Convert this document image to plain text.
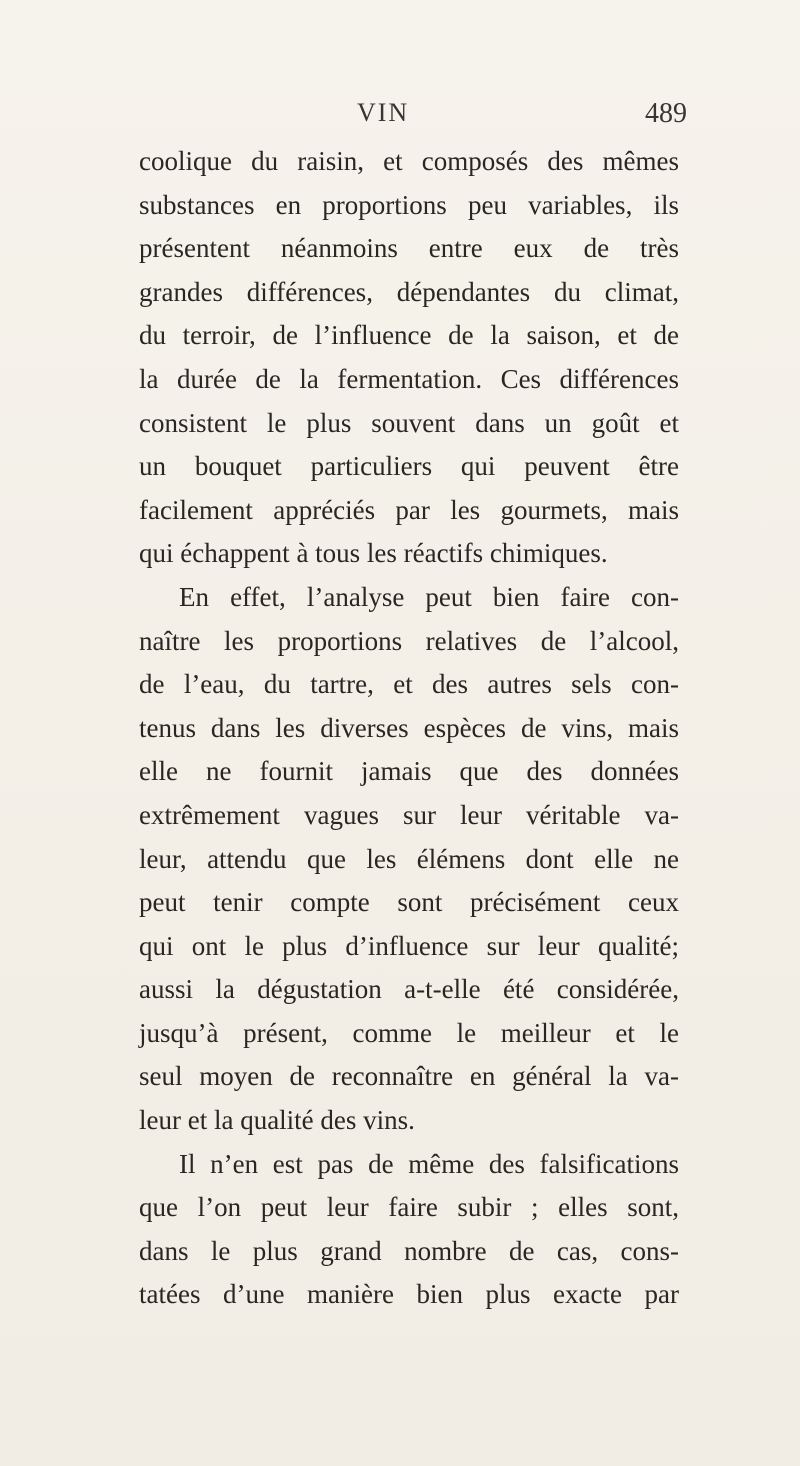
VIN	489
coolique du raisin, et composés des mêmes
substances en proportions peu variables, ils
présentent néanmoins entre eux de très
grandes différences, dépendantes du climat,
du terroir, de l’influence de la saison, et de
la durée de la fermentation. Ces différences
consistent le plus souvent dans un goût et
un bouquet particuliers qui peuvent être
facilement appréciés par les gourmets, mais
qui échappent à tous les réactifs chimiques.
En effet, l’analyse peut bien faire con-
naître les proportions relatives de l’alcool,
de l’eau, du tartre, et des autres sels con-
tenus dans les diverses espèces de vins, mais
elle ne fournit jamais que des données
extrêmement vagues sur leur véritable va-
leur, attendu que les élémens dont elle ne
peut tenir compte sont précisément ceux
qui ont le plus d’influence sur leur qualité;
aussi la dégustation a-t-elle été considérée,
jusqu’à présent, comme le meilleur et le
seul moyen de reconnaître en général la va-
leur et la qualité des vins.
Il n’en est pas de même des falsifications
que l’on peut leur faire subir ; elles sont,
dans le plus grand nombre de cas, cons-
tatées d’une manière bien plus exacte par
